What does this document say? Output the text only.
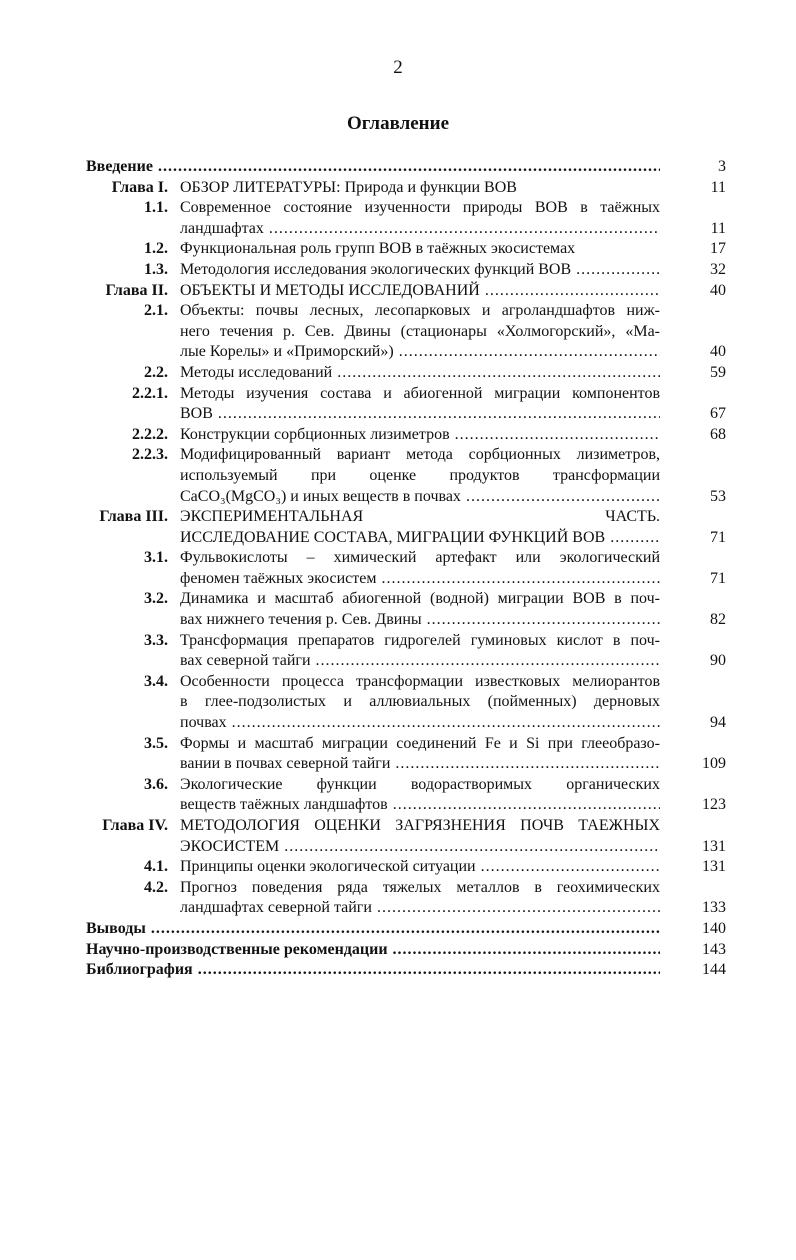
2
Оглавление
Введение .....	3
Глава I. ОБЗОР ЛИТЕРАТУРЫ: Природа и функции ВОВ	11
1.1. Современное состояние изученности природы ВОВ в таёжных
ландшафтах .....	11
1.2. Функциональная роль групп ВОВ в таёжных экосистемах	17
1.3. Методология исследования экологических функций ВОВ .....	32
Глава II. ОБЪЕКТЫ И МЕТОДЫ ИССЛЕДОВАНИЙ .....	40
2.1. Объекты: почвы лесных, лесопарковых и агроландшафтов ниж-
него течения р. Сев. Двины (стационары «Холмогорский», «Ма-
лые Корелы» и «Приморский») .....	40
2.2. Методы исследований .....	59
2.2.1. Методы изучения состава и абиогенной миграции компонентов
ВОВ .....	67
2.2.2. Конструкции сорбционных лизиметров .....	68
2.2.3. Модифицированный вариант метода сорбционных лизиметров,
используемый при оценке продуктов трансформации
CaCO₃(MgCO₃) и иных веществ в почвах .....	53
Глава III. ЭКСПЕРИМЕНТАЛЬНАЯ ЧАСТЬ.
ИССЛЕДОВАНИЕ СОСТАВА, МИГРАЦИИ ФУНКЦИЙ ВОВ .....	71
3.1. Фульвокислоты – химический артефакт или экологический
феномен таёжных экосистем .....	71
3.2. Динамика и масштаб абиогенной (водной) миграции ВОВ в поч-
вах нижнего течения р. Сев. Двины .....	82
3.3. Трансформация препаратов гидрогелей гуминовых кислот в поч-
вах северной тайги .....	90
3.4. Особенности процесса трансформации известковых мелиорантов
в глее-подзолистых и аллювиальных (пойменных) дерновых
почвах .....	94
3.5. Формы и масштаб миграции соединений Fe и Si при глееобразо-
вании в почвах северной тайги .....	109
3.6. Экологические функции водорастворимых органических
веществ таёжных ландшафтов .....	123
Глава IV. МЕТОДОЛОГИЯ ОЦЕНКИ ЗАГРЯЗНЕНИЯ ПОЧВ ТАЕЖНЫХ
ЭКОСИСТЕМ .....	131
4.1. Принципы оценки экологической ситуации .....	131
4.2. Прогноз поведения ряда тяжелых металлов в геохимических
ландшафтах северной тайги .....	133
Выводы .....	140
Научно-производственные рекомендации .....	143
Библиография .....	144
